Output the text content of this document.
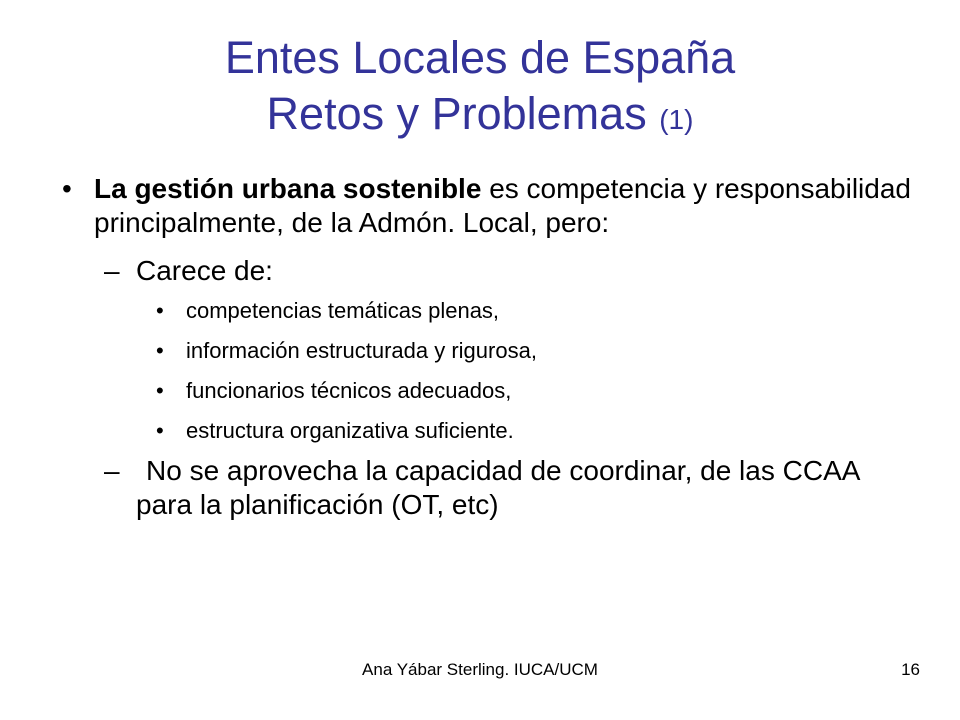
Entes Locales de España
Retos y Problemas (1)
• La gestión urbana sostenible es competencia y responsabilidad principalmente, de la Admón. Local, pero:
– Carece de:
• competencias temáticas plenas,
• información estructurada y rigurosa,
• funcionarios técnicos adecuados,
• estructura organizativa suficiente.
– No se aprovecha la capacidad de coordinar, de las CCAA para la planificación (OT, etc)
Ana Yábar Sterling. IUCA/UCM	16
